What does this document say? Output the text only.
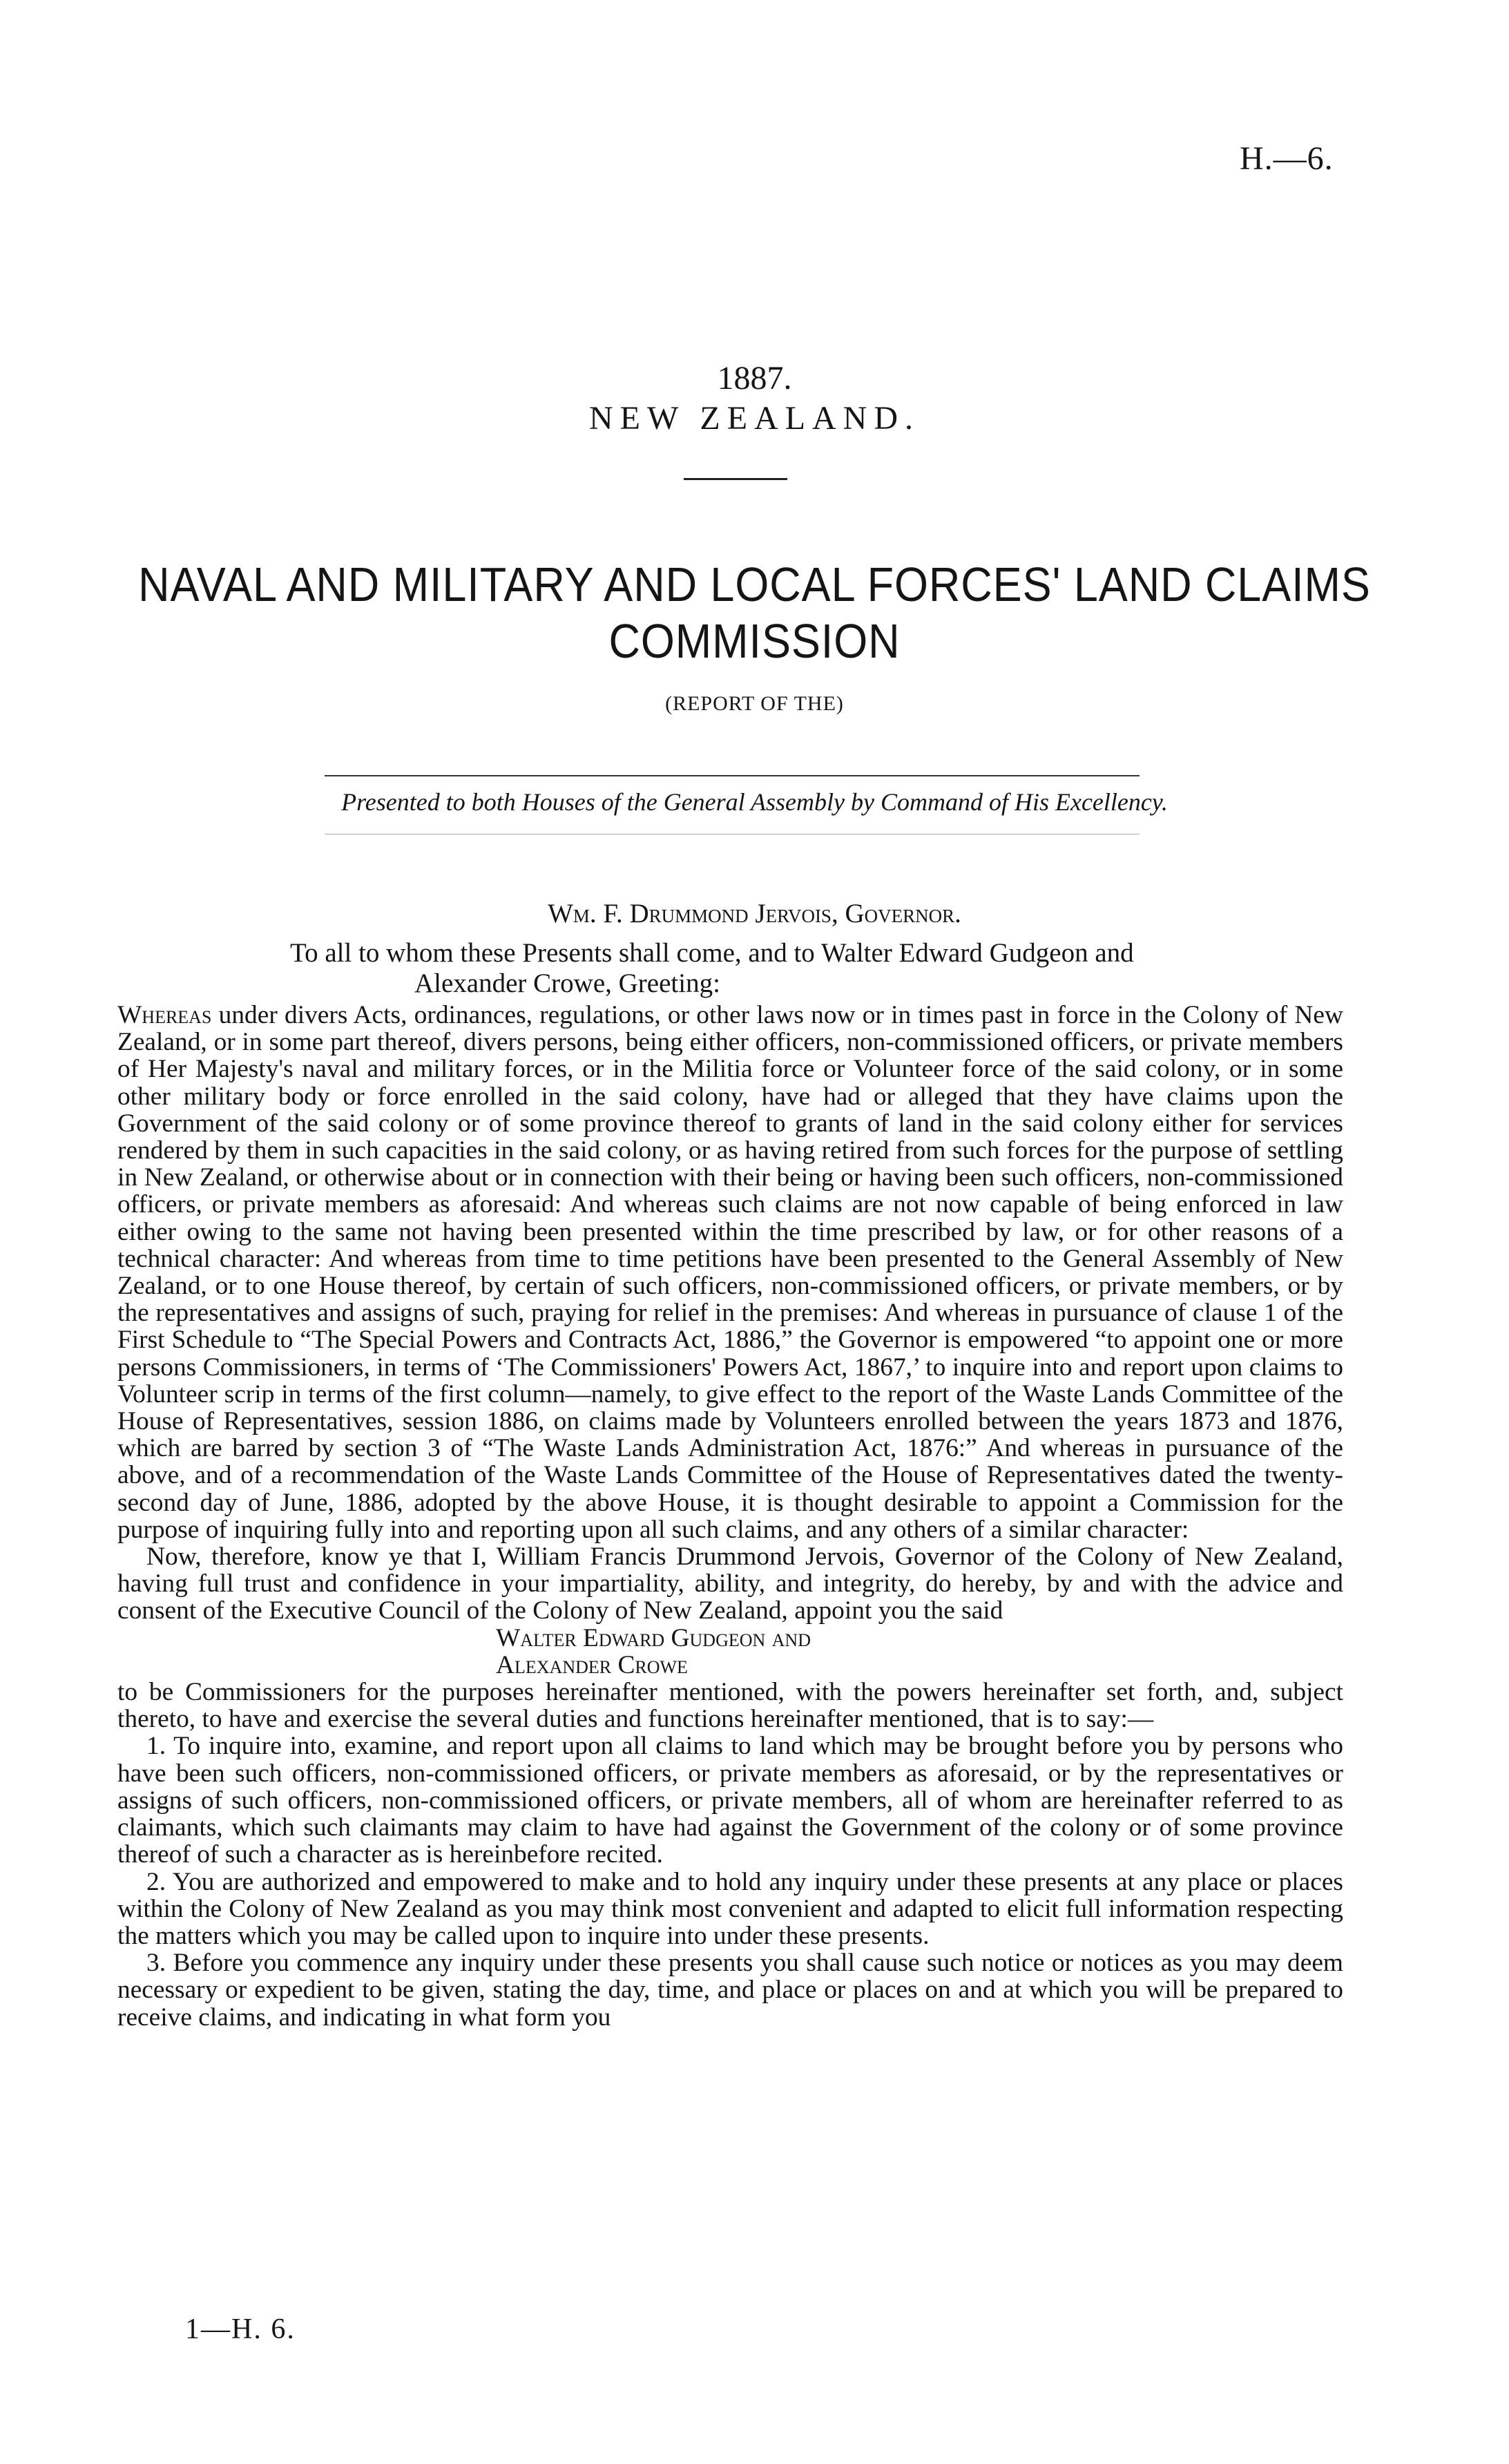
H.—6.
1887.
NEW ZEALAND.
NAVAL AND MILITARY AND LOCAL FORCES' LAND CLAIMS
COMMISSION
(REPORT OF THE)
Presented to both Houses of the General Assembly by Command of His Excellency.
Wm. F. Drummond Jervois, Governor.
To all to whom these Presents shall come, and to Walter Edward Gudgeon and
Alexander Crowe, Greeting:

Whereas under divers Acts, ordinances, regulations, or other laws now or in times past in force in the Colony of New Zealand, or in some part thereof, divers persons, being either officers, non-commissioned officers, or private members of Her Majesty's naval and military forces, or in the Militia force or Volunteer force of the said colony, or in some other military body or force enrolled in the said colony, have had or alleged that they have claims upon the Government of the said colony or of some province thereof to grants of land in the said colony either for services rendered by them in such capacities in the said colony, or as having retired from such forces for the purpose of settling in New Zealand, or otherwise about or in connection with their being or having been such officers, non-commissioned officers, or private members as aforesaid: And whereas such claims are not now capable of being enforced in law either owing to the same not having been presented within the time prescribed by law, or for other reasons of a technical character: And whereas from time to time petitions have been presented to the General Assembly of New Zealand, or to one House thereof, by certain of such officers, non-commissioned officers, or private members, or by the representatives and assigns of such, praying for relief in the premises: And whereas in pursuance of clause 1 of the First Schedule to “The Special Powers and Contracts Act, 1886,” the Governor is empowered “to appoint one or more persons Commissioners, in terms of ‘The Commissioners' Powers Act, 1867,’ to inquire into and report upon claims to Volunteer scrip in terms of the first column—namely, to give effect to the report of the Waste Lands Committee of the House of Representatives, session 1886, on claims made by Volunteers enrolled between the years 1873 and 1876, which are barred by section 3 of “The Waste Lands Administration Act, 1876:” And whereas in pursuance of the above, and of a recommendation of the Waste Lands Committee of the House of Representatives dated the twenty-second day of June, 1886, adopted by the above House, it is thought desirable to appoint a Commission for the purpose of inquiring fully into and reporting upon all such claims, and any others of a similar character:

Now, therefore, know ye that I, William Francis Drummond Jervois, Governor of the Colony of New Zealand, having full trust and confidence in your impartiality, ability, and integrity, do hereby, by and with the advice and consent of the Executive Council of the Colony of New Zealand, appoint you the said

Walter Edward Gudgeon and

Alexander Crowe

to be Commissioners for the purposes hereinafter mentioned, with the powers hereinafter set forth, and, subject thereto, to have and exercise the several duties and functions hereinafter mentioned, that is to say:—

1. To inquire into, examine, and report upon all claims to land which may be brought before you by persons who have been such officers, non-commissioned officers, or private members as aforesaid, or by the representatives or assigns of such officers, non-commissioned officers, or private members, all of whom are hereinafter referred to as claimants, which such claimants may claim to have had against the Government of the colony or of some province thereof of such a character as is hereinbefore recited.

2. You are authorized and empowered to make and to hold any inquiry under these presents at any place or places within the Colony of New Zealand as you may think most convenient and adapted to elicit full information respecting the matters which you may be called upon to inquire into under these presents.

3. Before you commence any inquiry under these presents you shall cause such notice or notices as you may deem necessary or expedient to be given, stating the day, time, and place or places on and at which you will be prepared to receive claims, and indicating in what form you

1—H. 6.
